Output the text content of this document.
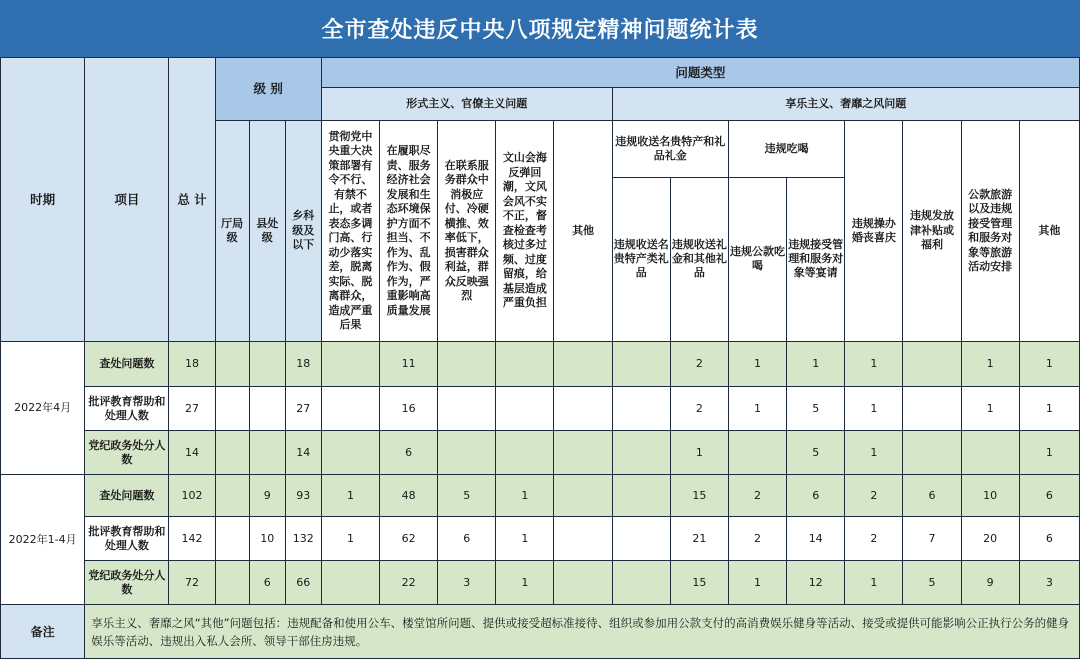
全市查处违反中央八项规定精神问题统计表
时期	项目	总 计	级 别	问题类型
形式主义、官僚主义问题	享乐主义、奢靡之风问题
厅局级	县处级	乡科级及以下	贯彻党中央重大决策部署有令不行、有禁不止，或者表态多调门高、行动少落实差，脱离实际、脱离群众，造成严重后果	在履职尽责、服务经济社会发展和生态环境保护方面不担当、不作为、乱作为、假作为，严重影响高质量发展	在联系服务群众中消极应付、冷硬横推、效率低下，损害群众利益，群众反映强烈	文山会海反弹回潮，文风会风不实不正，督查检查考核过多过频、过度留痕，给基层造成严重负担	其他	
违规收送名贵特产和礼品礼金
违规收送名贵特产类礼品	违规收送礼金和其他礼品

违规吃喝
违规公款吃喝	违规接受管理和服务对象等宴请
	违规操办婚丧喜庆	违规发放津补贴或福利	公款旅游以及违规接受管理和服务对象等旅游活动安排	其他
2022年4月	查处问题数	18			18		11					2	1	1	1		1	1
批评教育帮助和处理人数	27			27		16					2	1	5	1		1	1
党纪政务处分人数	14			14		6					1		5	1			1
2022年1-4月	查处问题数	102		9	93	1	48	5	1			15	2	6	2	6	10	6
批评教育帮助和处理人数	142		10	132	1	62	6	1			21	2	14	2	7	20	6
党纪政务处分人数	72		6	66		22	3	1			15	1	12	1	5	9	3
备注	享乐主义、奢靡之风“其他”问题包括：违规配备和使用公车、楼堂馆所问题、提供或接受超标准接待、组织或参加用公款支付的高消费娱乐健身等活动、接受或提供可能影响公正执行公务的健身娱乐等活动、违规出入私人会所、领导干部住房违规。
